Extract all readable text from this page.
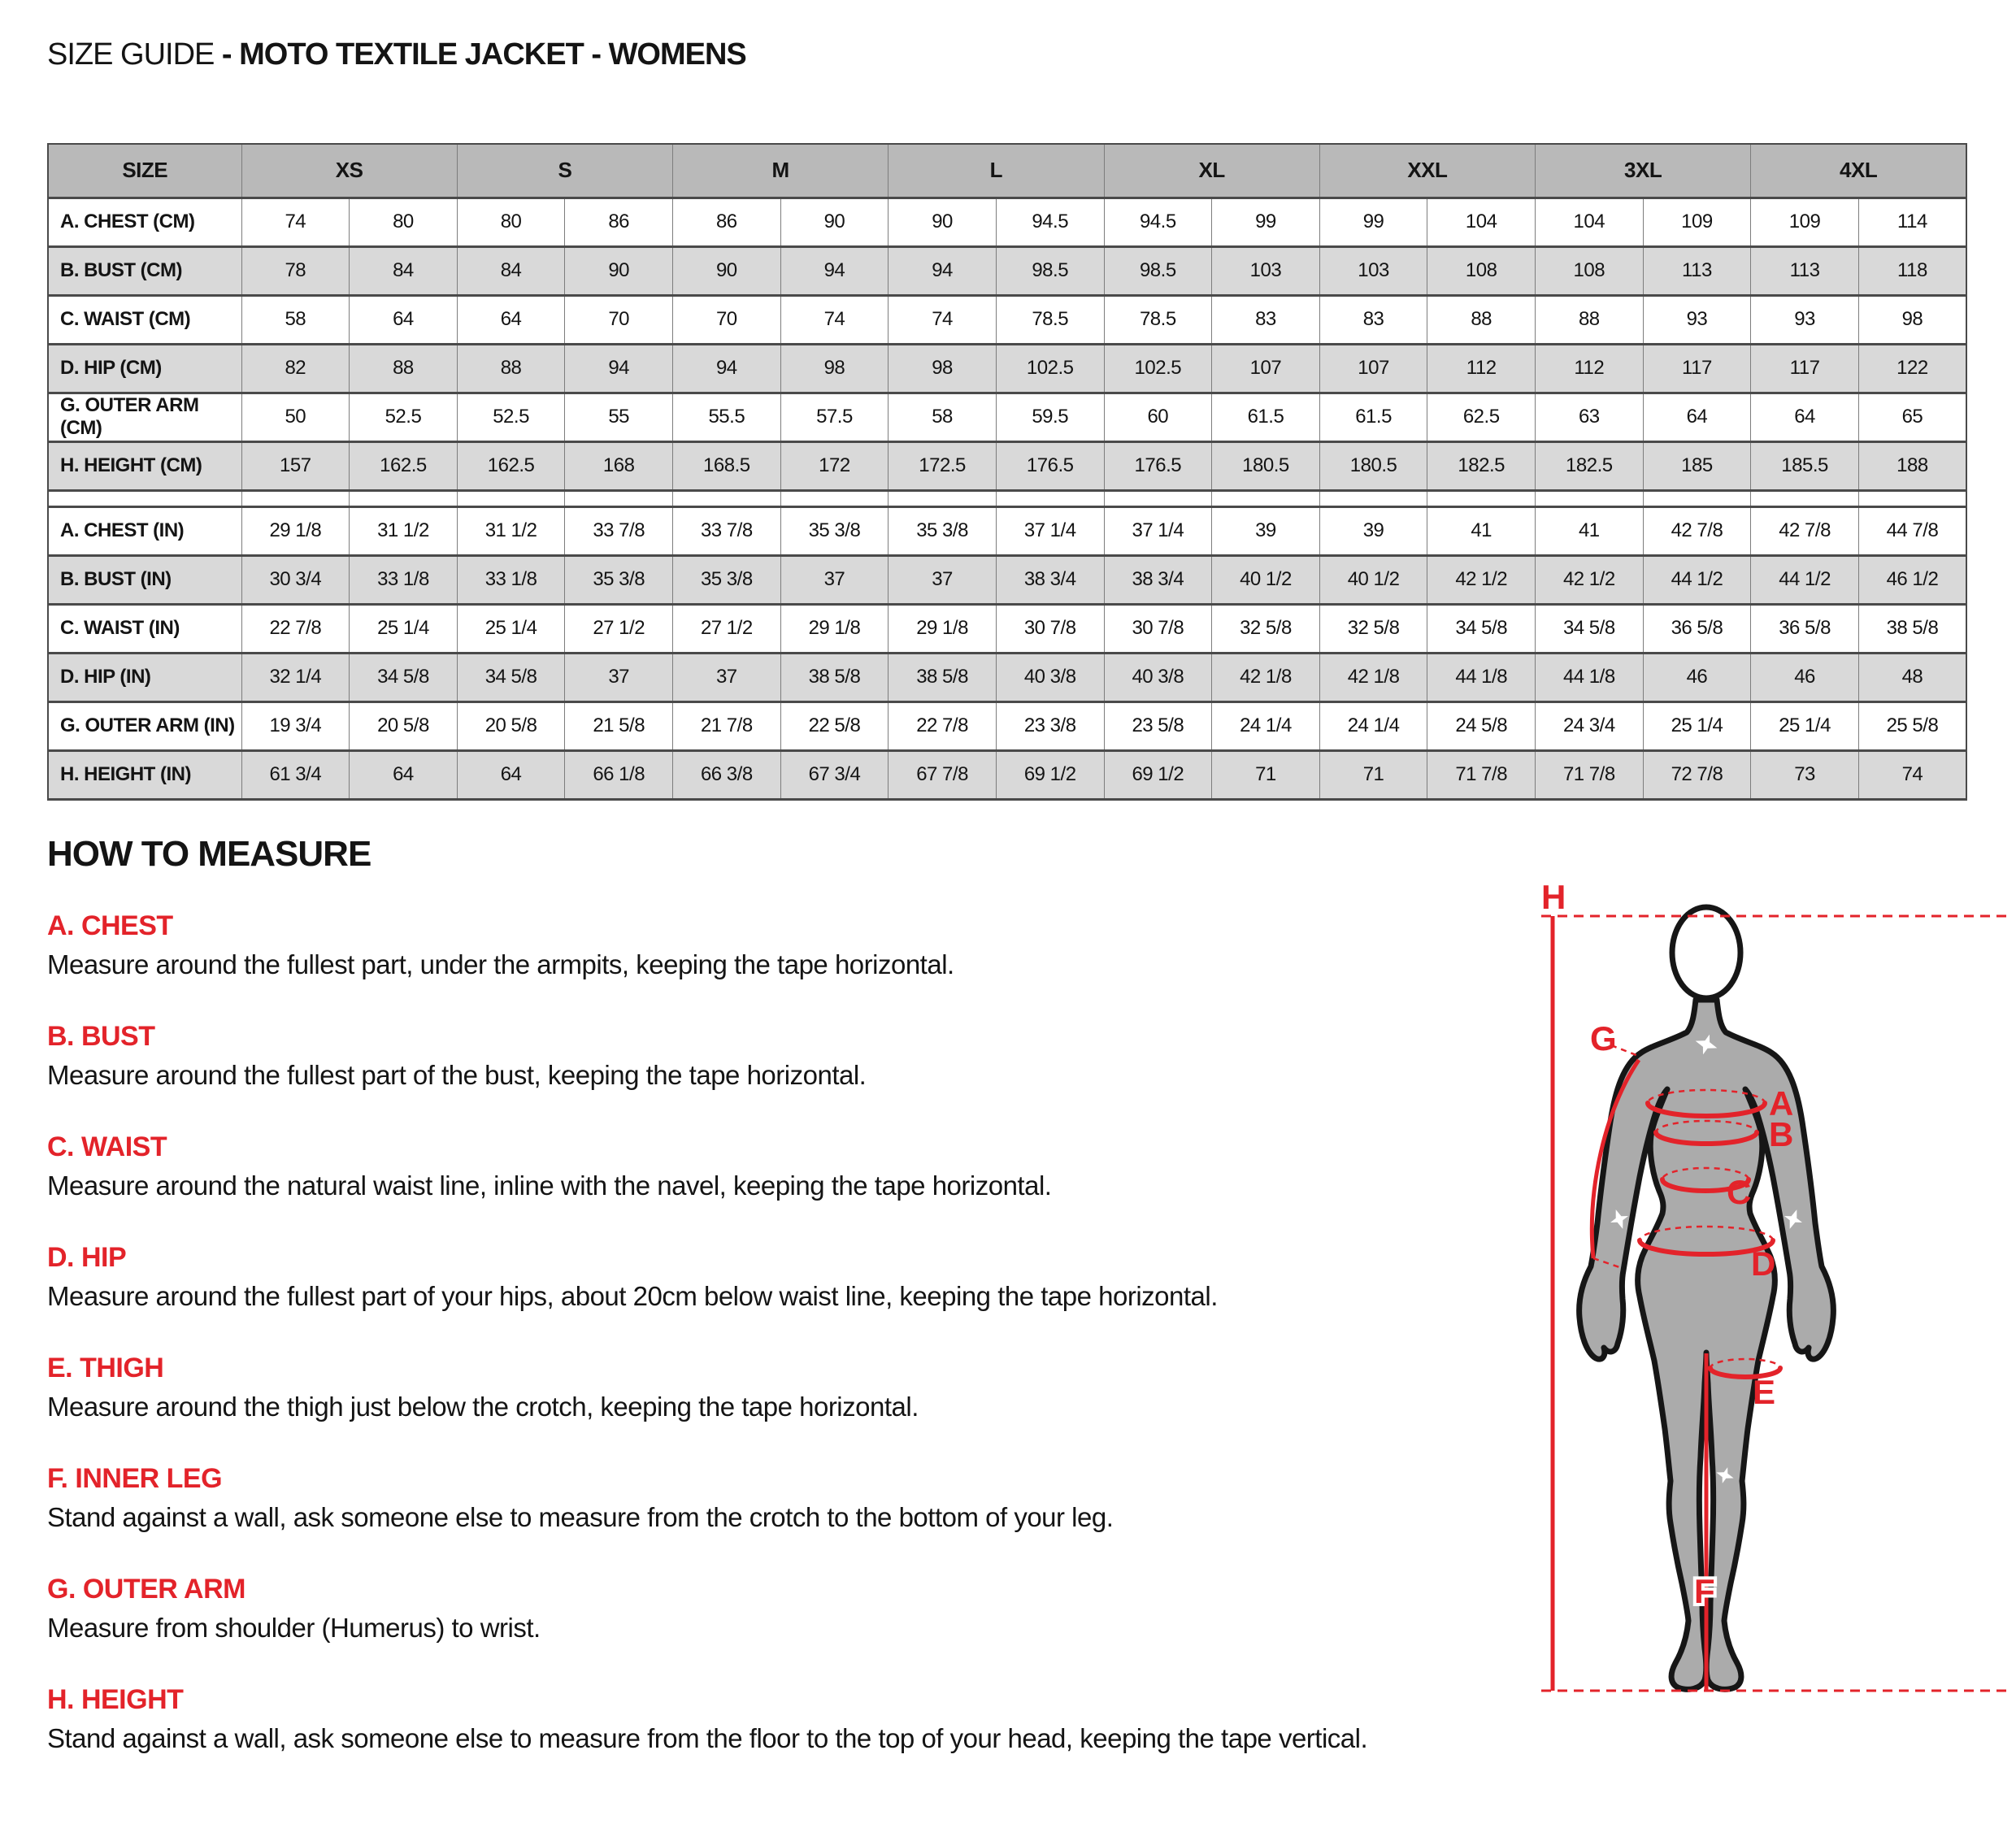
SIZE GUIDE - MOTO TEXTILE JACKET - WOMENS
SIZE	XS		S		M		L		XL		XXL		3XL		4XL	
A. CHEST (CM)	74	80	80	86	86	90	90	94.5	94.5	99	99	104	104	109	109	114
B. BUST (CM)	78	84	84	90	90	94	94	98.5	98.5	103	103	108	108	113	113	118
C. WAIST (CM)	58	64	64	70	70	74	74	78.5	78.5	83	83	88	88	93	93	98
D. HIP (CM)	82	88	88	94	94	98	98	102.5	102.5	107	107	112	112	117	117	122
G. OUTER ARM (CM)	50	52.5	52.5	55	55.5	57.5	58	59.5	60	61.5	61.5	62.5	63	64	64	65
H. HEIGHT (CM)	157	162.5	162.5	168	168.5	172	172.5	176.5	176.5	180.5	180.5	182.5	182.5	185	185.5	188

A. CHEST (IN)	29 1/8	31 1/2	31 1/2	33 7/8	33 7/8	35 3/8	35 3/8	37 1/4	37 1/4	39	39	41	41	42 7/8	42 7/8	44 7/8
B. BUST (IN)	30 3/4	33 1/8	33 1/8	35 3/8	35 3/8	37	37	38 3/4	38 3/4	40 1/2	40 1/2	42 1/2	42 1/2	44 1/2	44 1/2	46 1/2
C. WAIST (IN)	22 7/8	25 1/4	25 1/4	27 1/2	27 1/2	29 1/8	29 1/8	30 7/8	30 7/8	32 5/8	32 5/8	34 5/8	34 5/8	36 5/8	36 5/8	38 5/8
D. HIP (IN)	32 1/4	34 5/8	34 5/8	37	37	38 5/8	38 5/8	40 3/8	40 3/8	42 1/8	42 1/8	44 1/8	44 1/8	46	46	48
G. OUTER ARM (IN)	19 3/4	20 5/8	20 5/8	21 5/8	21 7/8	22 5/8	22 7/8	23 3/8	23 5/8	24 1/4	24 1/4	24 5/8	24 3/4	25 1/4	25 1/4	25 5/8
H. HEIGHT (IN)	61 3/4	64	64	66 1/8	66 3/8	67 3/4	67 7/8	69 1/2	69 1/2	71	71	71 7/8	71 7/8	72 7/8	73	74
HOW TO MEASURE
A. CHEST

Measure around the fullest part, under the armpits, keeping the tape horizontal.

B. BUST

Measure around the fullest part of the bust, keeping the tape horizontal.

C. WAIST

Measure around the natural waist line, inline with the navel, keeping the tape horizontal.

D. HIP

Measure around the fullest part of your hips, about 20cm below waist line, keeping the tape horizontal.

E. THIGH

Measure around the thigh just below the crotch, keeping the tape horizontal.

F. INNER LEG

Stand against a wall, ask someone else to measure from the crotch to the bottom of your leg.

G. OUTER ARM

Measure from shoulder (Humerus) to wrist.

H. HEIGHT

Stand against a wall, ask someone else to measure from the floor to the top of your head, keeping the tape vertical.

H
G
A
B
C
D
E
F
